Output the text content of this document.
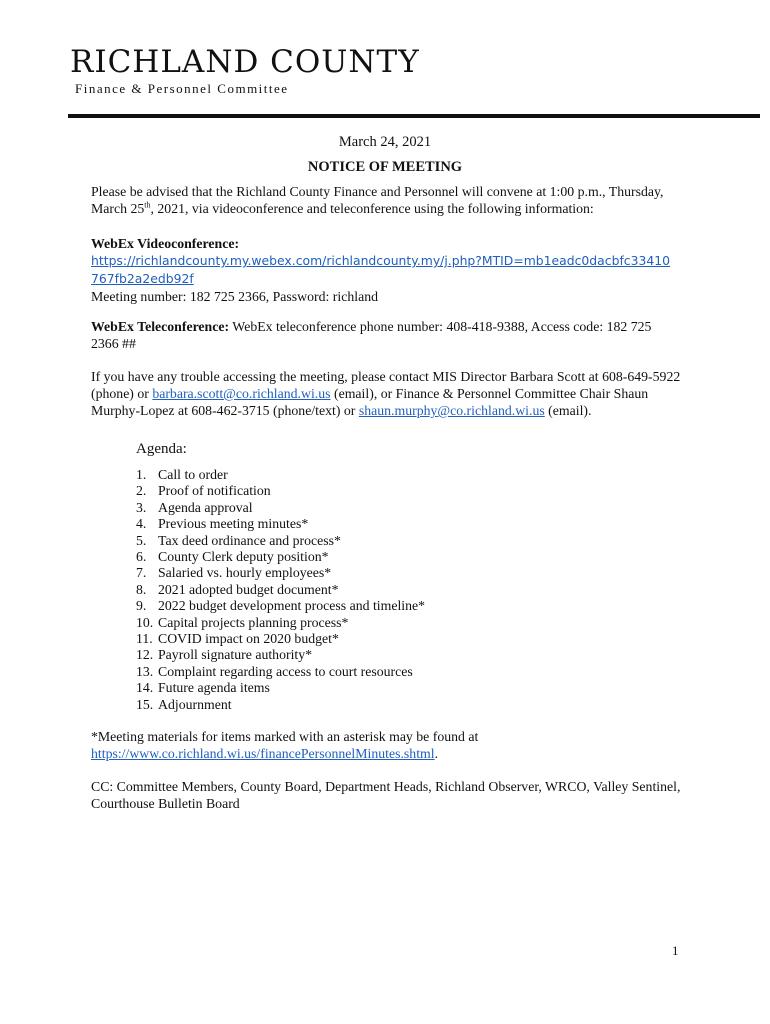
RICHLAND COUNTY
Finance & Personnel Committee
March 24, 2021
NOTICE OF MEETING
Please be advised that the Richland County Finance and Personnel will convene at 1:00 p.m., Thursday, March 25th, 2021, via videoconference and teleconference using the following information:
WebEx Videoconference:
https://richlandcounty.my.webex.com/richlandcounty.my/j.php?MTID=mb1eadc0dacbfc33410767fb2a2edb92f
Meeting number: 182 725 2366, Password: richland
WebEx Teleconference: WebEx teleconference phone number: 408-418-9388, Access code: 182 725 2366 ##
If you have any trouble accessing the meeting, please contact MIS Director Barbara Scott at 608-649-5922 (phone) or barbara.scott@co.richland.wi.us (email), or Finance & Personnel Committee Chair Shaun Murphy-Lopez at 608-462-3715 (phone/text) or shaun.murphy@co.richland.wi.us (email).
Agenda:
1. Call to order
2. Proof of notification
3. Agenda approval
4. Previous meeting minutes*
5. Tax deed ordinance and process*
6. County Clerk deputy position*
7. Salaried vs. hourly employees*
8. 2021 adopted budget document*
9. 2022 budget development process and timeline*
10. Capital projects planning process*
11. COVID impact on 2020 budget*
12. Payroll signature authority*
13. Complaint regarding access to court resources
14. Future agenda items
15. Adjournment
*Meeting materials for items marked with an asterisk may be found at https://www.co.richland.wi.us/financePersonnelMinutes.shtml.
CC: Committee Members, County Board, Department Heads, Richland Observer, WRCO, Valley Sentinel, Courthouse Bulletin Board
1
